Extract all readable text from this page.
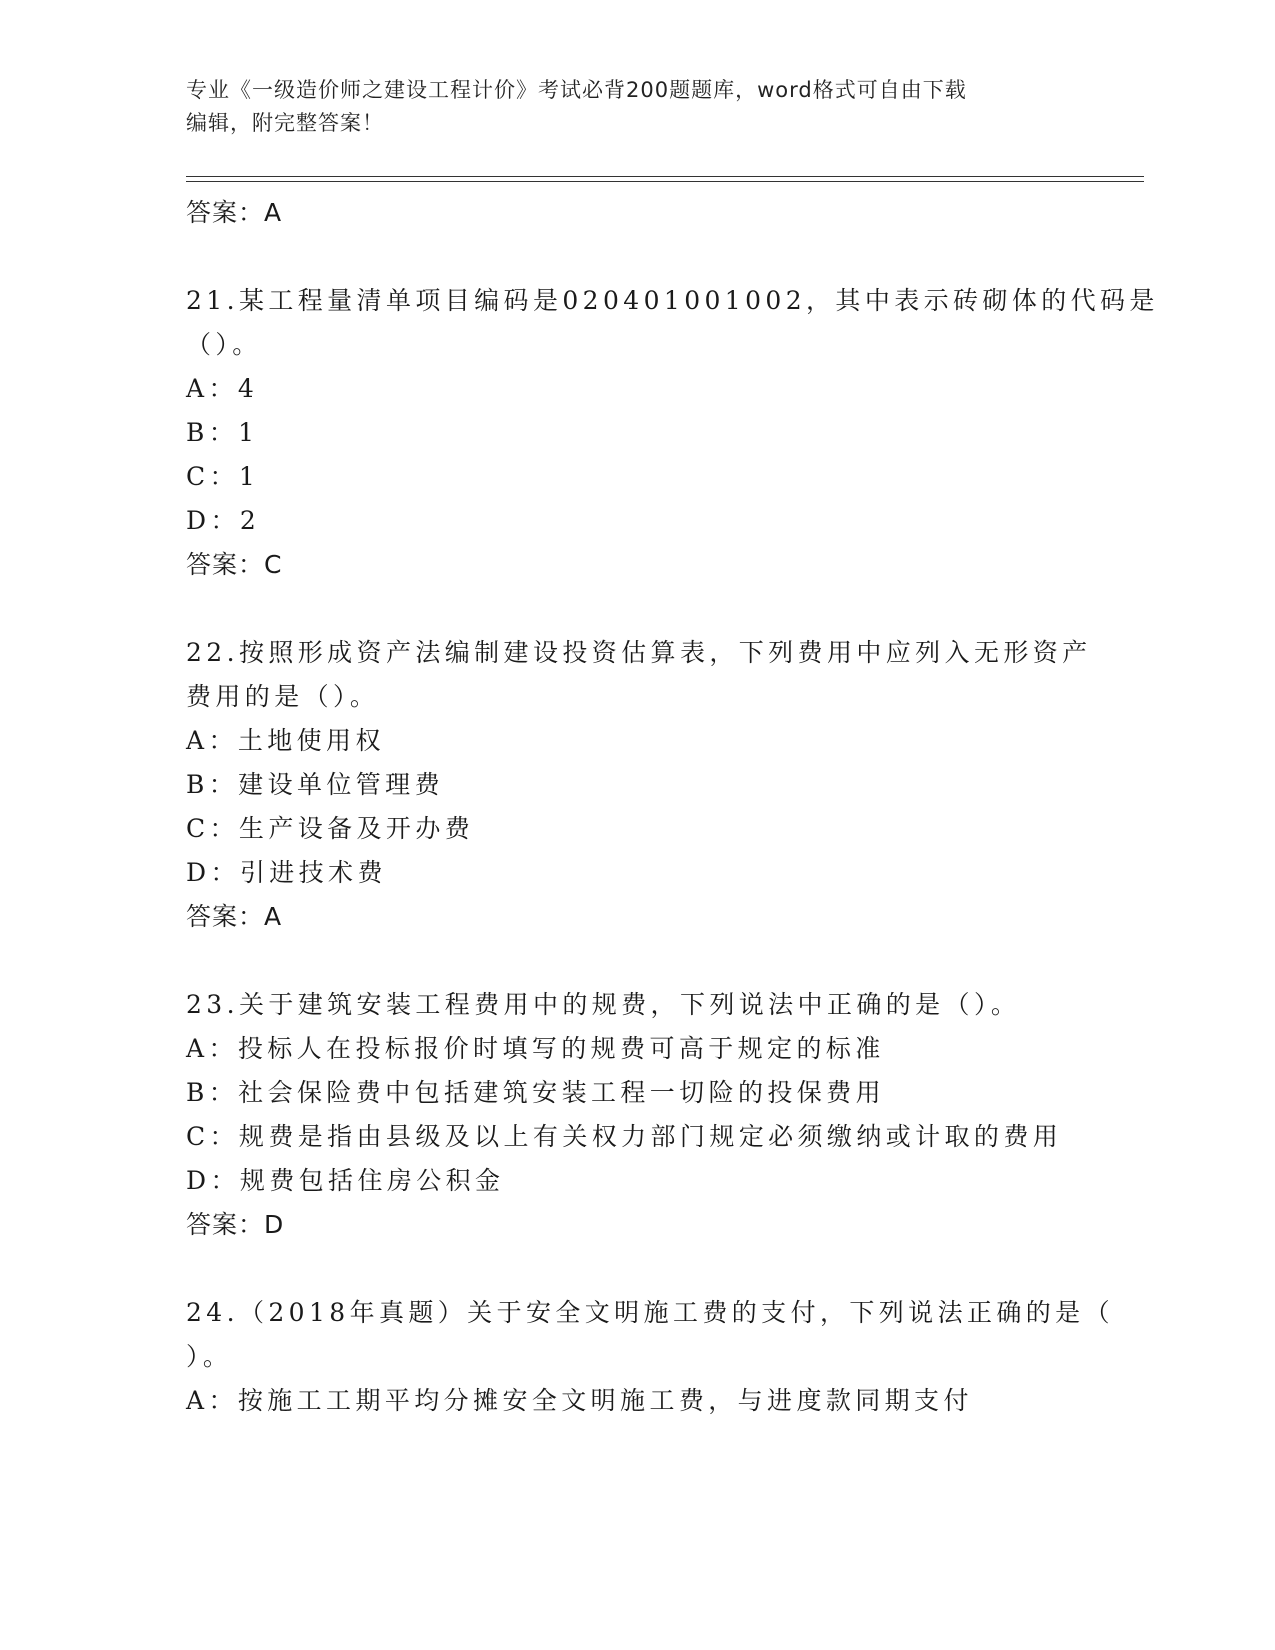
专业《一级造价师之建设工程计价》考试必背200题题库，word格式可自由下载
编辑，附完整答案！
答案：A
21.某工程量清单项目编码是020401001002，其中表示砖砌体的代码是
（）。
A：4
B：1
C：1
D：2
答案：C
22.按照形成资产法编制建设投资估算表，下列费用中应列入无形资产
费用的是（）。
A：土地使用权
B：建设单位管理费
C：生产设备及开办费
D：引进技术费
答案：A
23.关于建筑安装工程费用中的规费，下列说法中正确的是（）。
A：投标人在投标报价时填写的规费可高于规定的标准
B：社会保险费中包括建筑安装工程一切险的投保费用
C：规费是指由县级及以上有关权力部门规定必须缴纳或计取的费用
D：规费包括住房公积金
答案：D
24.（2018年真题）关于安全文明施工费的支付，下列说法正确的是（
）。
A：按施工工期平均分摊安全文明施工费，与进度款同期支付
